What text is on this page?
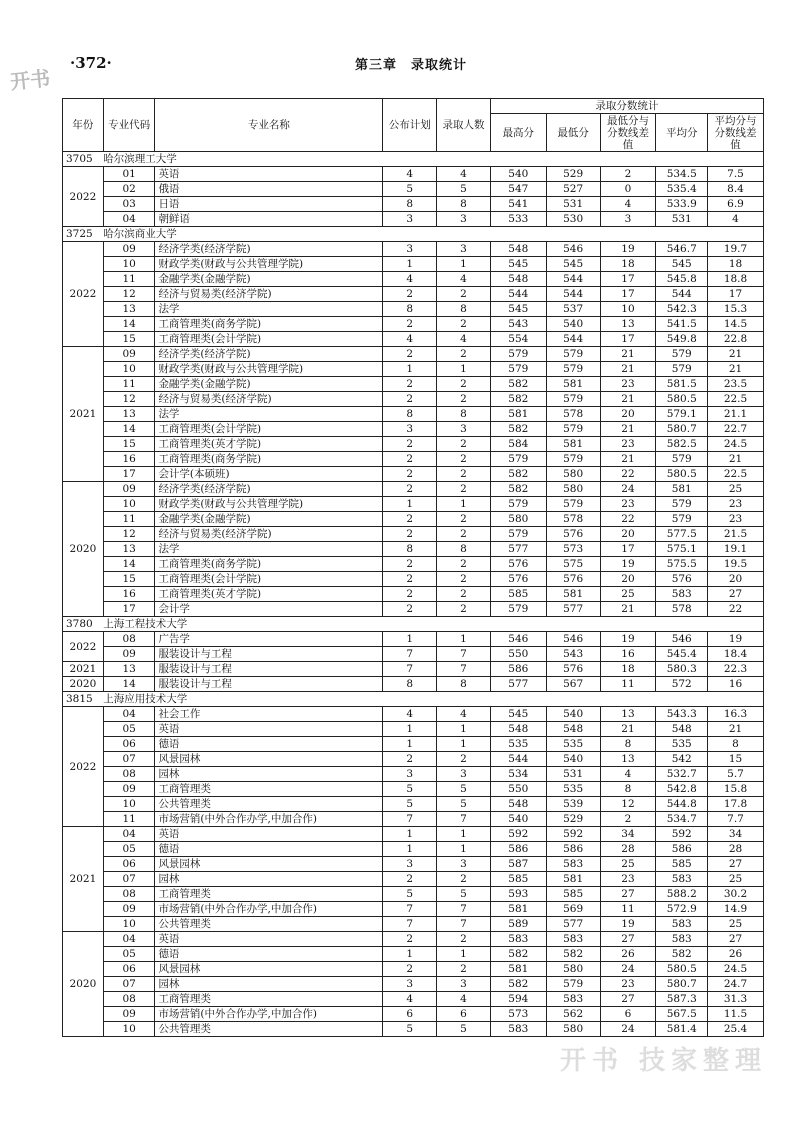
·372·	第三章　录取统计
开书
年份	专业代码	专业名称	公布计划	录取人数	录取分数统计				
					最高分	最低分	最低分与分数线差值	平均分	平均分与分数线差值
3705　哈尔滨理工大学									
2022	01	英语	4	4	540	529	2	534.5	7.5
	02	俄语	5	5	547	527	0	535.4	8.4
	03	日语	8	8	541	531	4	533.9	6.9
	04	朝鲜语	3	3	533	530	3	531	4
3725　哈尔滨商业大学									
2022	09	经济学类(经济学院)	3	3	548	546	19	546.7	19.7
	10	财政学类(财政与公共管理学院)	1	1	545	545	18	545	18
	11	金融学类(金融学院)	4	4	548	544	17	545.8	18.8
	12	经济与贸易类(经济学院)	2	2	544	544	17	544	17
	13	法学	8	8	545	537	10	542.3	15.3
	14	工商管理类(商务学院)	2	2	543	540	13	541.5	14.5
	15	工商管理类(会计学院)	4	4	554	544	17	549.8	22.8
2021	09	经济学类(经济学院)	2	2	579	579	21	579	21
	10	财政学类(财政与公共管理学院)	1	1	579	579	21	579	21
	11	金融学类(金融学院)	2	2	582	581	23	581.5	23.5
	12	经济与贸易类(经济学院)	2	2	582	579	21	580.5	22.5
	13	法学	8	8	581	578	20	579.1	21.1
	14	工商管理类(会计学院)	3	3	582	579	21	580.7	22.7
	15	工商管理类(英才学院)	2	2	584	581	23	582.5	24.5
	16	工商管理类(商务学院)	2	2	579	579	21	579	21
	17	会计学(本硕班)	2	2	582	580	22	580.5	22.5
2020	09	经济学类(经济学院)	2	2	582	580	24	581	25
	10	财政学类(财政与公共管理学院)	1	1	579	579	23	579	23
	11	金融学类(金融学院)	2	2	580	578	22	579	23
	12	经济与贸易类(经济学院)	2	2	579	576	20	577.5	21.5
	13	法学	8	8	577	573	17	575.1	19.1
	14	工商管理类(商务学院)	2	2	576	575	19	575.5	19.5
	15	工商管理类(会计学院)	2	2	576	576	20	576	20
	16	工商管理类(英才学院)	2	2	585	581	25	583	27
	17	会计学	2	2	579	577	21	578	22
3780　上海工程技术大学									
2022	08	广告学	1	1	546	546	19	546	19
	09	服装设计与工程	7	7	550	543	16	545.4	18.4
2021	13	服装设计与工程	7	7	586	576	18	580.3	22.3
2020	14	服装设计与工程	8	8	577	567	11	572	16
3815　上海应用技术大学									
2022	04	社会工作	4	4	545	540	13	543.3	16.3
	05	英语	1	1	548	548	21	548	21
	06	德语	1	1	535	535	8	535	8
	07	风景园林	2	2	544	540	13	542	15
	08	园林	3	3	534	531	4	532.7	5.7
	09	工商管理类	5	5	550	535	8	542.8	15.8
	10	公共管理类	5	5	548	539	12	544.8	17.8
	11	市场营销(中外合作办学,中加合作)	7	7	540	529	2	534.7	7.7
2021	04	英语	1	1	592	592	34	592	34
	05	德语	1	1	586	586	28	586	28
	06	风景园林	3	3	587	583	25	585	27
	07	园林	2	2	585	581	23	583	25
	08	工商管理类	5	5	593	585	27	588.2	30.2
	09	市场营销(中外合作办学,中加合作)	7	7	581	569	11	572.9	14.9
	10	公共管理类	7	7	589	577	19	583	25
2020	04	英语	2	2	583	583	27	583	27
	05	德语	1	1	582	582	26	582	26
	06	风景园林	2	2	581	580	24	580.5	24.5
	07	园林	3	3	582	579	23	580.7	24.7
	08	工商管理类	4	4	594	583	27	587.3	31.3
	09	市场营销(中外合作办学,中加合作)	6	6	573	562	6	567.5	11.5
	10	公共管理类	5	5	583	580	24	581.4	25.4
开书 技家整理
